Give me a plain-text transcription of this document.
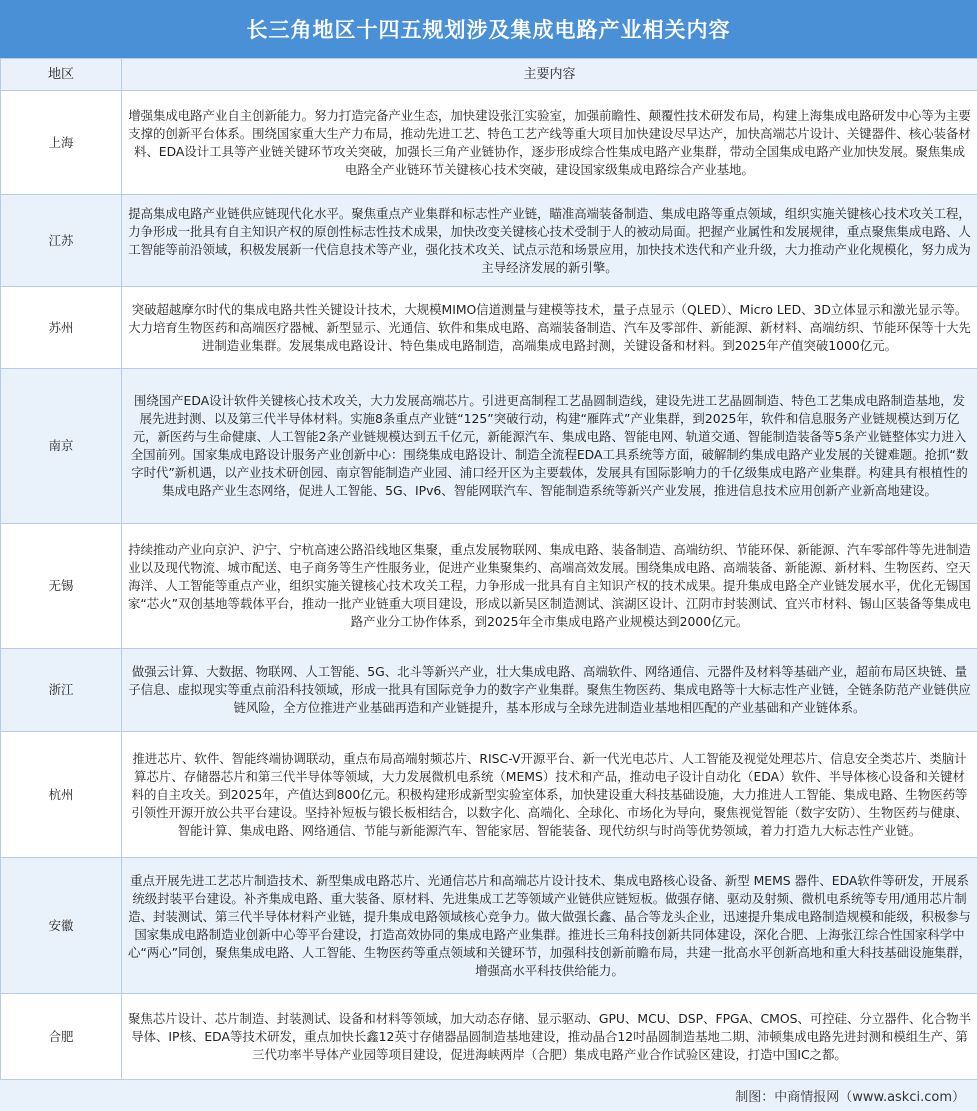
长三角地区十四五规划涉及集成电路产业相关内容
地区	主要内容
上海	增强集成电路产业自主创新能力。努力打造完备产业生态，加快建设张江实验室，加强前瞻性、颠覆性技术研发布局，构建上海集成电路研发中心等为主要支撑的创新平台体系。围绕国家重大生产力布局，推动先进工艺、特色工艺产线等重大项目加快建设尽早达产，加快高端芯片设计、关键器件、核心装备材料、EDA设计工具等产业链关键环节攻关突破，加强长三角产业链协作，逐步形成综合性集成电路产业集群，带动全国集成电路产业加快发展。聚焦集成电路全产业链环节关键核心技术突破，建设国家级集成电路综合产业基地。
江苏	提高集成电路产业链供应链现代化水平。聚焦重点产业集群和标志性产业链，瞄准高端装备制造、集成电路等重点领域，组织实施关键核心技术攻关工程，力争形成一批具有自主知识产权的原创性标志性技术成果，加快改变关键核心技术受制于人的被动局面。把握产业属性和发展规律，重点聚焦集成电路、人工智能等前沿领域，积极发展新一代信息技术等产业，强化技术攻关、试点示范和场景应用，加快技术迭代和产业升级，大力推动产业化规模化，努力成为主导经济发展的新引擎。
苏州	突破超越摩尔时代的集成电路共性关键设计技术，大规模MIMO信道测量与建模等技术，量子点显示（QLED）、Micro LED、3D立体显示和激光显示等。大力培育生物医药和高端医疗器械、新型显示、光通信、软件和集成电路、高端装备制造、汽车及零部件、新能源、新材料、高端纺织、节能环保等十大先进制造业集群。发展集成电路设计、特色集成电路制造，高端集成电路封测，关键设备和材料。到2025年产值突破1000亿元。
南京	围绕国产EDA设计软件关键核心技术攻关，大力发展高端芯片。引进更高制程工艺晶圆制造线，建设先进工艺晶圆制造、特色工艺集成电路制造基地，发展先进封测、以及第三代半导体材料。实施8条重点产业链“125”突破行动，构建“雁阵式”产业集群，到2025年，软件和信息服务产业链规模达到万亿元，新医药与生命健康、人工智能2条产业链规模达到五千亿元，新能源汽车、集成电路、智能电网、轨道交通、智能制造装备等5条产业链整体实力进入全国前列。国家集成电路设计服务产业创新中心：围绕集成电路设计、制造全流程EDA工具系统等方面，破解制约集成电路产业发展的关键难题。抢抓“数字时代”新机遇，以产业技术研创园、南京智能制造产业园、浦口经开区为主要载体，发展具有国际影响力的千亿级集成电路产业集群。构建具有根植性的集成电路产业生态网络，促进人工智能、5G、IPv6、智能网联汽车、智能制造系统等新兴产业发展，推进信息技术应用创新产业新高地建设。
无锡	持续推动产业向京沪、沪宁、宁杭高速公路沿线地区集聚，重点发展物联网、集成电路、装备制造、高端纺织、节能环保、新能源、汽车零部件等先进制造业以及现代物流、城市配送、电子商务等生产性服务业，促进产业集聚集约、高端高效发展。围绕集成电路、高端装备、新能源、新材料、生物医药、空天海洋、人工智能等重点产业，组织实施关键核心技术攻关工程，力争形成一批具有自主知识产权的技术成果。提升集成电路全产业链发展水平，优化无锡国家“芯火”双创基地等载体平台，推动一批产业链重大项目建设，形成以新吴区制造测试、滨湖区设计、江阴市封装测试、宜兴市材料、锡山区装备等集成电路产业分工协作体系，到2025年全市集成电路产业规模达到2000亿元。
浙江	做强云计算、大数据、物联网、人工智能、5G、北斗等新兴产业，壮大集成电路、高端软件、网络通信、元器件及材料等基础产业，超前布局区块链、量子信息、虚拟现实等重点前沿科技领域，形成一批具有国际竞争力的数字产业集群。聚焦生物医药、集成电路等十大标志性产业链，全链条防范产业链供应链风险，全方位推进产业基础再造和产业链提升，基本形成与全球先进制造业基地相匹配的产业基础和产业链体系。
杭州	推进芯片、软件、智能终端协调联动，重点布局高端射频芯片、RISC-V开源平台、新一代光电芯片、人工智能及视觉处理芯片、信息安全类芯片、类脑计算芯片、存储器芯片和第三代半导体等领域，大力发展微机电系统（MEMS）技术和产品，推动电子设计自动化（EDA）软件、半导体核心设备和关键材料的自主攻关。到2025年，产值达到800亿元。积极构建形成新型实验室体系，加快建设重大科技基础设施，大力推进人工智能、集成电路、生物医药等引领性开源开放公共平台建设。坚持补短板与锻长板相结合，以数字化、高端化、全球化、市场化为导向，聚焦视觉智能（数字安防）、生物医药与健康、智能计算、集成电路、网络通信、节能与新能源汽车、智能家居、智能装备、现代纺织与时尚等优势领域，着力打造九大标志性产业链。
安徽	重点开展先进工艺芯片制造技术、新型集成电路芯片、光通信芯片和高端芯片设计技术、集成电路核心设备、新型 MEMS 器件、EDA软件等研发，开展系统级封装平台建设。补齐集成电路、重大装备、原材料、先进集成工艺等领域产业链供应链短板。做强存储、驱动及射频、微机电系统等专用/通用芯片制造、封装测试、第三代半导体材料产业链，提升集成电路领域核心竞争力。做大做强长鑫、晶合等龙头企业，迅速提升集成电路制造规模和能级，积极参与国家集成电路制造业创新中心等平台建设，打造高效协同的集成电路产业集群。推进长三角科技创新共同体建设，深化合肥、上海张江综合性国家科学中心“两心”同创，聚焦集成电路、人工智能、生物医药等重点领域和关键环节，加强科技创新前瞻布局，共建一批高水平创新高地和重大科技基础设施集群，增强高水平科技供给能力。
合肥	聚焦芯片设计、芯片制造、封装测试、设备和材料等领域，加大动态存储、显示驱动、GPU、MCU、DSP、FPGA、CMOS、可控硅、分立器件、化合物半导体、IP核、EDA等技术研发，重点加快长鑫12英寸存储器晶圆制造基地建设，推动晶合12吋晶圆制造基地二期、沛顿集成电路先进封测和模组生产、第三代功率半导体产业园等项目建设，促进海峡两岸（合肥）集成电路产业合作试验区建设，打造中国IC之都。
制图：中商情报网（www.askci.com）
